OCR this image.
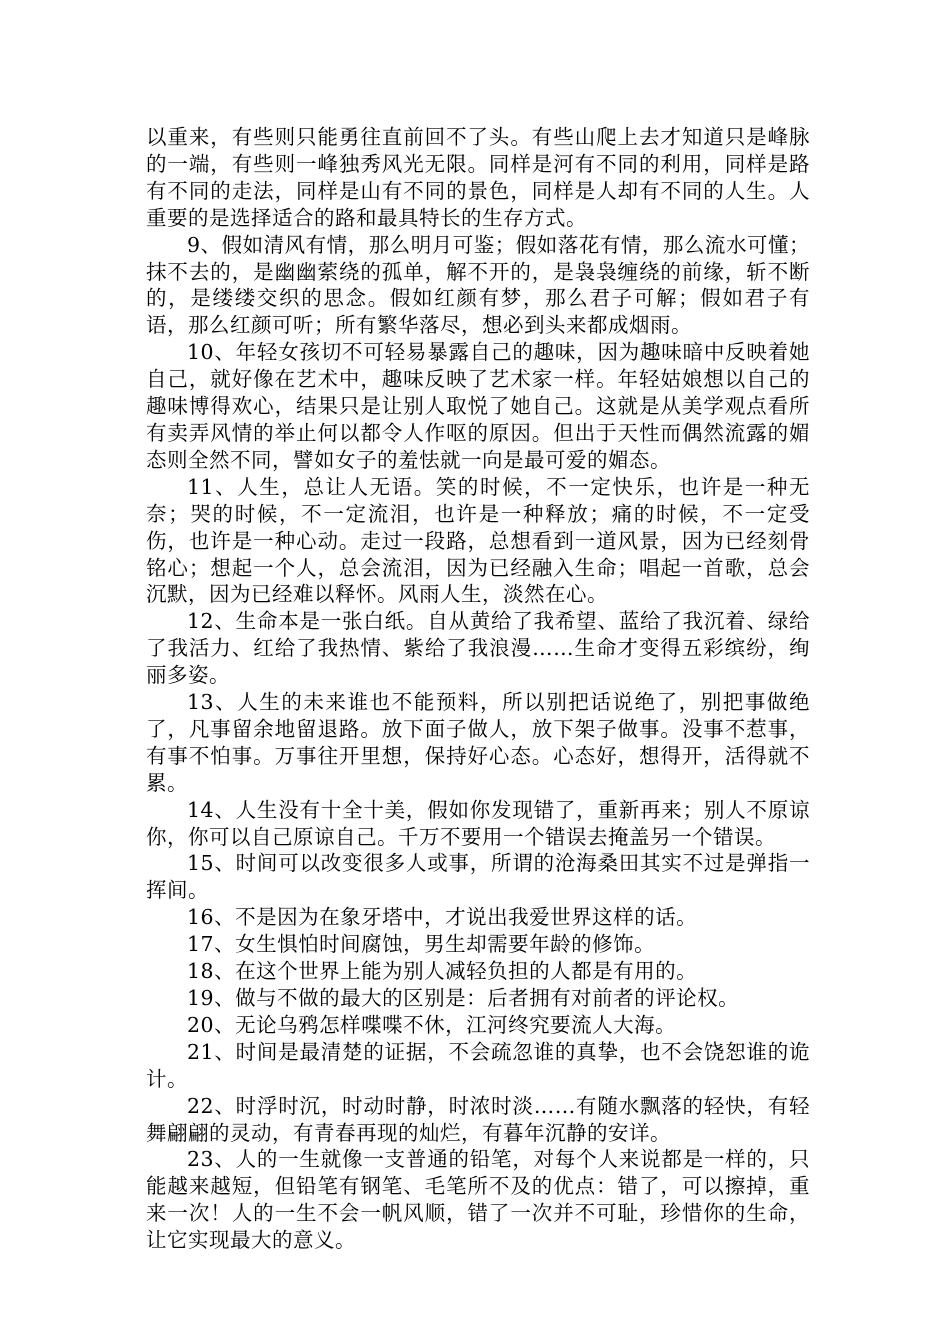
以重来，有些则只能勇往直前回不了头。有些山爬上去才知道只是峰脉的一端，有些则一峰独秀风光无限。同样是河有不同的利用，同样是路有不同的走法，同样是山有不同的景色，同样是人却有不同的人生。人重要的是选择适合的路和最具特长的生存方式。

9、假如清风有情，那么明月可鉴；假如落花有情，那么流水可懂；抹不去的，是幽幽萦绕的孤单，解不开的，是袅袅缠绕的前缘，斩不断的，是缕缕交织的思念。假如红颜有梦，那么君子可解；假如君子有语，那么红颜可听；所有繁华落尽，想必到头来都成烟雨。

10、年轻女孩切不可轻易暴露自己的趣味，因为趣味暗中反映着她自己，就好像在艺术中，趣味反映了艺术家一样。年轻姑娘想以自己的趣味博得欢心，结果只是让别人取悦了她自己。这就是从美学观点看所有卖弄风情的举止何以都令人作呕的原因。但出于天性而偶然流露的媚态则全然不同，譬如女子的羞怯就一向是最可爱的媚态。

11、人生，总让人无语。笑的时候，不一定快乐，也许是一种无奈；哭的时候，不一定流泪，也许是一种释放；痛的时候，不一定受伤，也许是一种心动。走过一段路，总想看到一道风景，因为已经刻骨铭心；想起一个人，总会流泪，因为已经融入生命；唱起一首歌，总会沉默，因为已经难以释怀。风雨人生，淡然在心。

12、生命本是一张白纸。自从黄给了我希望、蓝给了我沉着、绿给了我活力、红给了我热情、紫给了我浪漫……生命才变得五彩缤纷，绚丽多姿。

13、人生的未来谁也不能预料，所以别把话说绝了，别把事做绝了，凡事留余地留退路。放下面子做人，放下架子做事。没事不惹事，有事不怕事。万事往开里想，保持好心态。心态好，想得开，活得就不累。

14、人生没有十全十美，假如你发现错了，重新再来；别人不原谅你，你可以自己原谅自己。千万不要用一个错误去掩盖另一个错误。

15、时间可以改变很多人或事，所谓的沧海桑田其实不过是弹指一挥间。

16、不是因为在象牙塔中，才说出我爱世界这样的话。

17、女生惧怕时间腐蚀，男生却需要年龄的修饰。

18、在这个世界上能为别人减轻负担的人都是有用的。

19、做与不做的最大的区别是：后者拥有对前者的评论权。

20、无论乌鸦怎样喋喋不休，江河终究要流人大海。

21、时间是最清楚的证据，不会疏忽谁的真挚，也不会饶恕谁的诡计。

22、时浮时沉，时动时静，时浓时淡……有随水飘落的轻快，有轻舞翩翩的灵动，有青春再现的灿烂，有暮年沉静的安详。

23、人的一生就像一支普通的铅笔，对每个人来说都是一样的，只能越来越短，但铅笔有钢笔、毛笔所不及的优点：错了，可以擦掉，重来一次！人的一生不会一帆风顺，错了一次并不可耻，珍惜你的生命，让它实现最大的意义。
